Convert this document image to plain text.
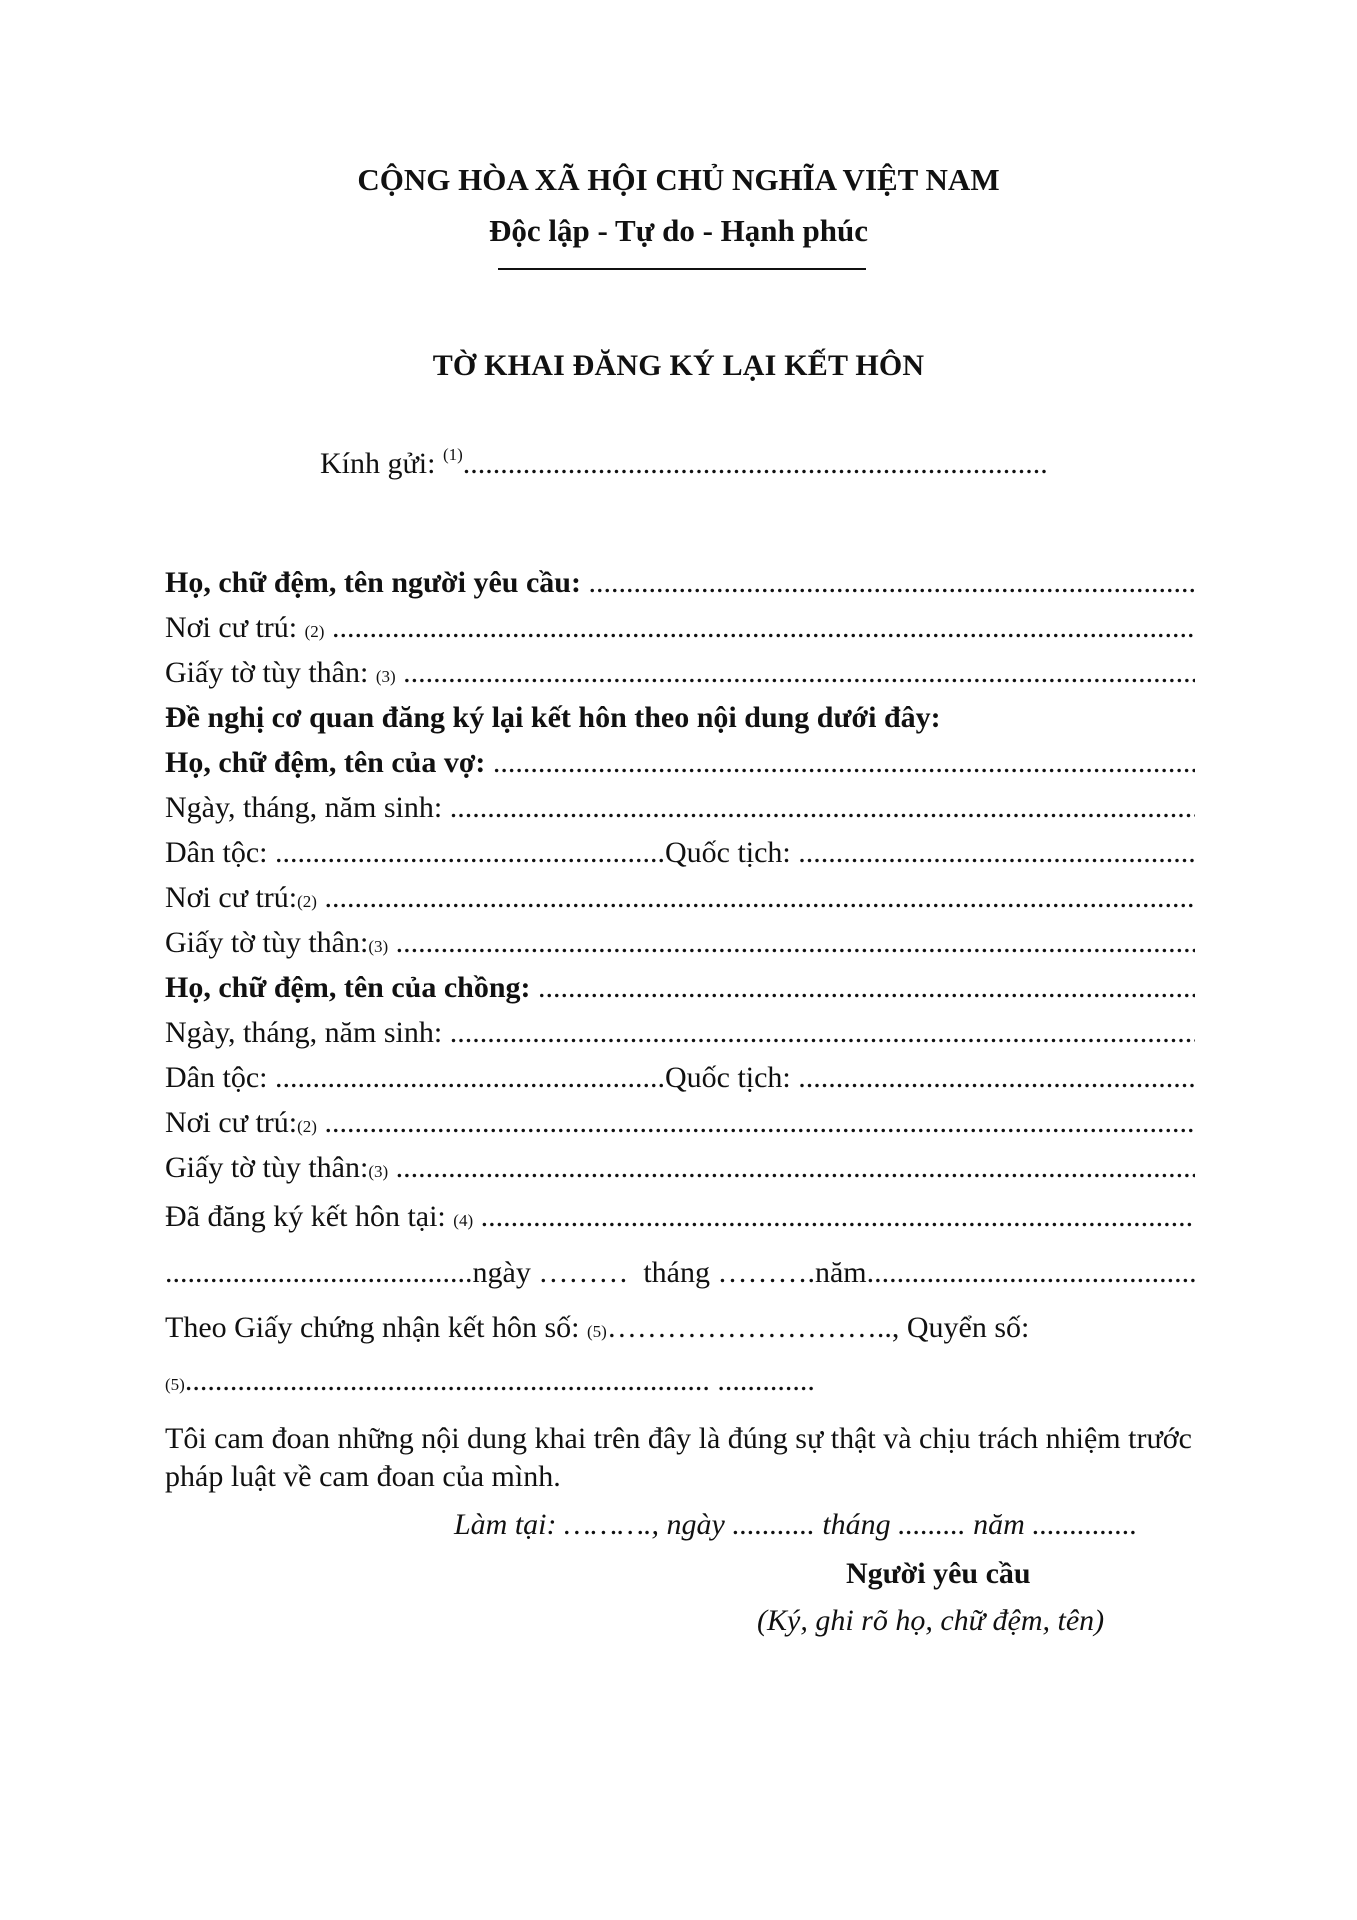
CỘNG HÒA XÃ HỘI CHỦ NGHĨA VIỆT NAM
Độc lập - Tự do - Hạnh phúc
TỜ KHAI ĐĂNG KÝ LẠI KẾT HÔN
Kính gửi: $^{(1)}$..............................................................................
Họ, chữ đệm, tên người yêu cầu:

.....
Nơi cư trú:
(2)

.....
Giấy tờ tùy thân:
(3)

.....
Đề nghị cơ quan đăng ký lại kết hôn theo nội dung dưới đây:
Họ, chữ đệm, tên của vợ:

.....
Ngày, tháng, năm sinh:

.....
Dân tộc:
.................................................... Quốc tịch:

.....
Nơi cư trú: (2)

.....
Giấy tờ tùy thân: (3)

.....
Họ, chữ đệm, tên của chồng:

.....
Ngày, tháng, năm sinh:

.....
Dân tộc:
.................................................... Quốc tịch:

.....
Nơi cư trú: (2)

.....
Giấy tờ tùy thân: (3)

.....
Đã đăng ký kết hôn tại:
(4)

.....
......................................... ngày ………
tháng ………. năm
.....
Theo Giấy chứng nhận kết hôn số:
(5) ……………………….. , Quyển số:
(5) ...................................................................... .............
Tôi cam đoan những nội dung khai trên đây là đúng sự thật và chịu trách nhiệm trước pháp luật về cam đoan của mình.
Làm tại: ………., ngày ........... tháng ......... năm ..............
Người yêu cầu
(Ký, ghi rõ họ, chữ đệm, tên)
